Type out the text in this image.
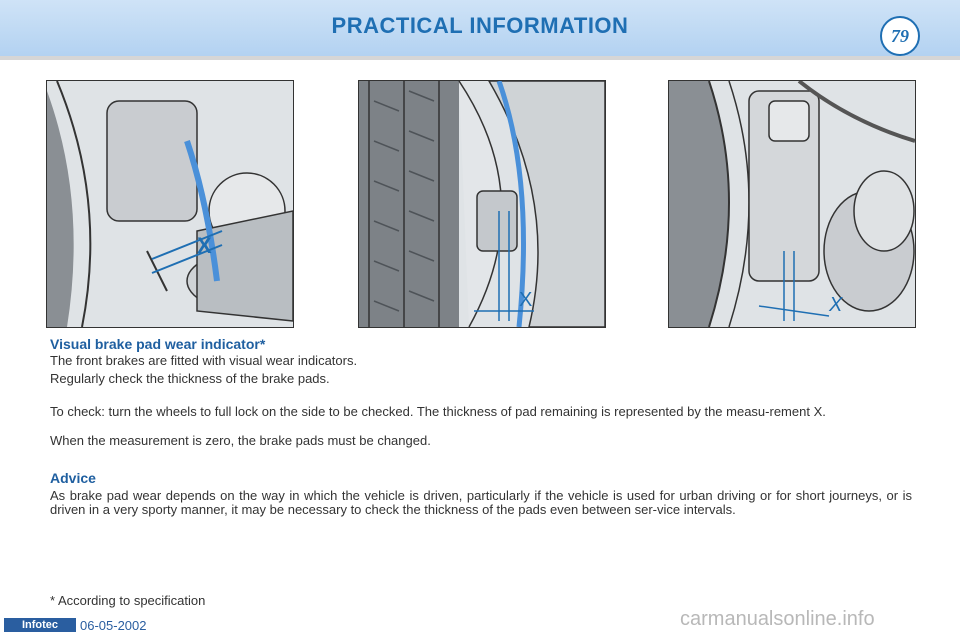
PRACTICAL INFORMATION	79
X
X	X
Visual brake pad wear indicator*
The front brakes are fitted with visual wear indicators.
Regularly check the thickness of the brake pads.
To check: turn the wheels to full lock on the side to be checked. The thickness of pad remaining is represented by the measu-rement X.
When the measurement is zero, the brake pads must be changed.
Advice
As brake pad wear depends on the way in which the vehicle is driven, particularly if the vehicle is used for urban driving or for short journeys, or is driven in a very sporty manner, it may be necessary to check the thickness of the pads even between ser-vice intervals.
* According to specification
Infotec	06-05-2002	carmanualsonline.info
